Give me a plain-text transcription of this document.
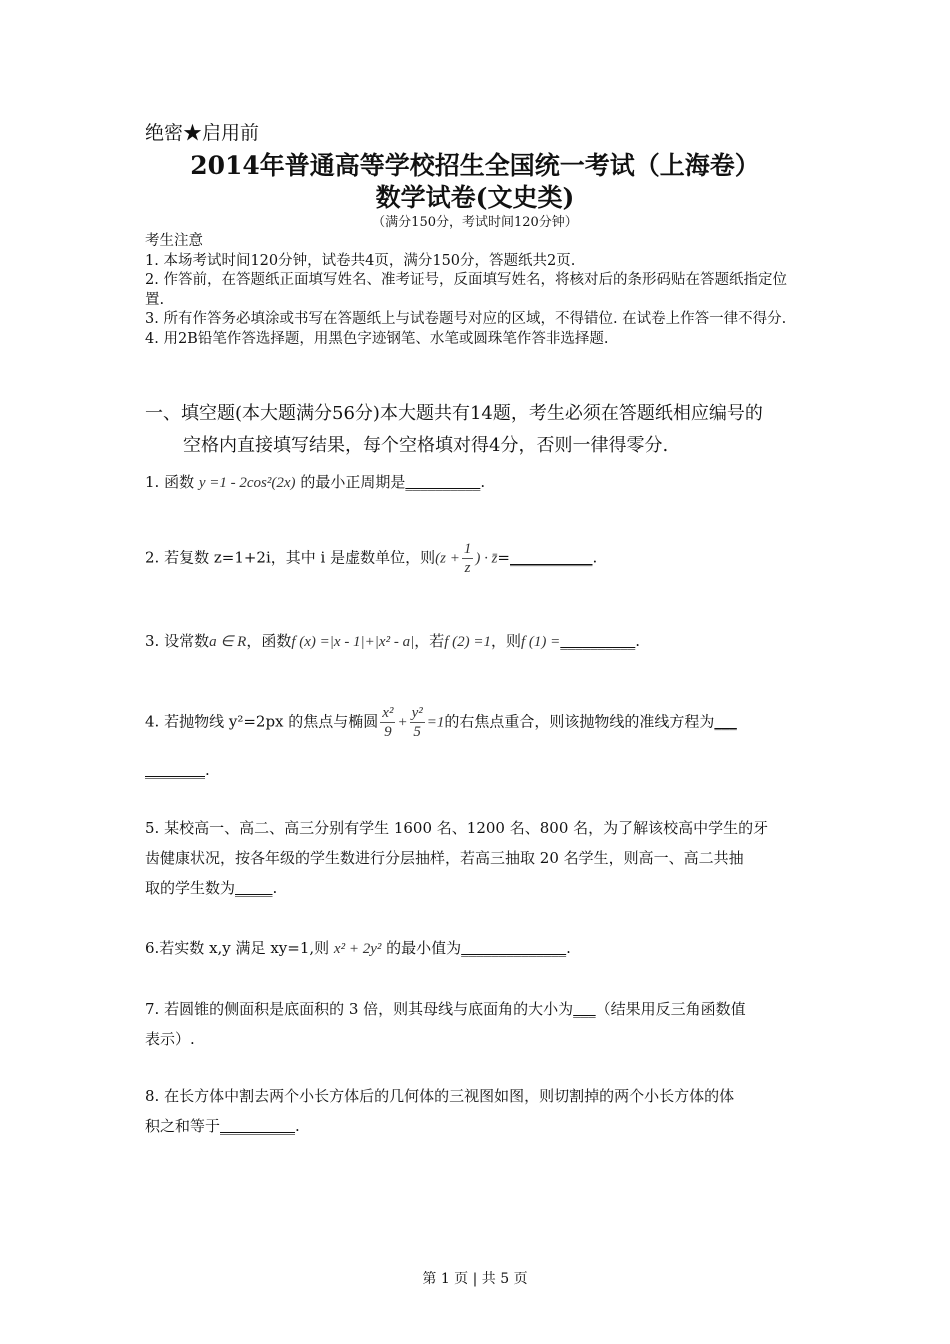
绝密★启用前
2014年普通高等学校招生全国统一考试（上海卷）
数学试卷(文史类)
（满分150分，考试时间120分钟）
考生注意
1. 本场考试时间120分钟，试卷共4页，满分150分，答题纸共2页.
2. 作答前，在答题纸正面填写姓名、准考证号，反面填写姓名，将核对后的条形码贴在答题纸指定位置.
3. 所有作答务必填涂或书写在答题纸上与试卷题号对应的区域，不得错位. 在试卷上作答一律不得分.
4. 用2B铅笔作答选择题，用黑色字迹钢笔、水笔或圆珠笔作答非选择题.
一、填空题(本大题满分56分)本大题共有14题，考生必须在答题纸相应编号的
空格内直接填写结果，每个空格填对得4分，否则一律得零分.
1. 函数 y =1 - 2cos²(2x) 的最小正周期是__________.
2. 若复数 z=1+2i，其中 i 是虚数单位，则($z + \frac{1}{z}$ ) · z̄=___________.
3. 设常数a ∈ R，函数f (x) =|x - 1|+|x² - a|，若f (2) =1，则f (1) =__________.
4. 若抛物线 y²=2px 的焦点与椭圆 $\frac{\text{x²}}{9} + \frac{\text{y²}}{5} =1$的右焦点重合，则该抛物线的准线方程为___
________.
5. 某校高一、高二、高三分别有学生 1600 名、1200 名、800 名，为了解该校高中学生的牙
齿健康状况，按各年级的学生数进行分层抽样，若高三抽取 20 名学生，则高一、高二共抽
取的学生数为_____.
6.若实数 x,y 满足 xy=1,则 x² + 2y² 的最小值为______________.
7. 若圆锥的侧面积是底面积的 3 倍，则其母线与底面角的大小为___（结果用反三角函数值
表示）.
8. 在长方体中割去两个小长方体后的几何体的三视图如图，则切割掉的两个小长方体的体
积之和等于__________.
第 1 页 | 共 5 页
